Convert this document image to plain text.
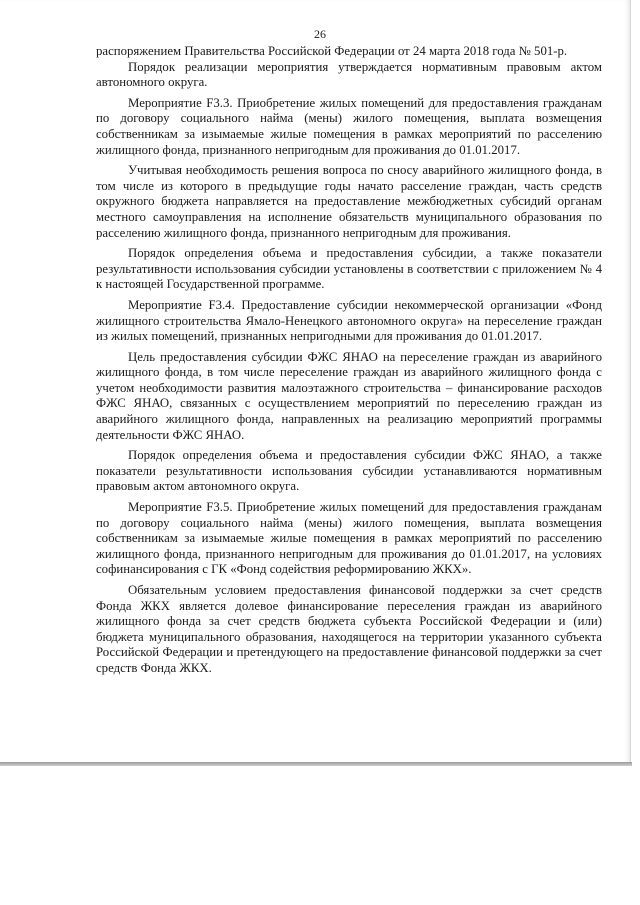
26

распоряжением Правительства Российской Федерации от 24 марта 2018 года № 501-р.

Порядок реализации мероприятия утверждается нормативным правовым актом автономного округа.

Мероприятие F3.3. Приобретение жилых помещений для предоставления гражданам по договору социального найма (мены) жилого помещения, выплата возмещения собственникам за изымаемые жилые помещения в рамках мероприятий по расселению жилищного фонда, признанного непригодным для проживания до 01.01.2017.

Учитывая необходимость решения вопроса по сносу аварийного жилищного фонда, в том числе из которого в предыдущие годы начато расселение граждан, часть средств окружного бюджета направляется на предоставление межбюджетных субсидий органам местного самоуправления на исполнение обязательств муниципального образования по расселению жилищного фонда, признанного непригодным для проживания.

Порядок определения объема и предоставления субсидии, а также показатели результативности использования субсидии установлены в соответствии с приложением № 4 к настоящей Государственной программе.

Мероприятие F3.4. Предоставление субсидии некоммерческой организации «Фонд жилищного строительства Ямало-Ненецкого автономного округа» на переселение граждан из жилых помещений, признанных непригодными для проживания до 01.01.2017.

Цель предоставления субсидии ФЖС ЯНАО на переселение граждан из аварийного жилищного фонда, в том числе переселение граждан из аварийного жилищного фонда с учетом необходимости развития малоэтажного строительства – финансирование расходов ФЖС ЯНАО, связанных с осуществлением мероприятий по переселению граждан из аварийного жилищного фонда, направленных на реализацию мероприятий программы деятельности ФЖС ЯНАО.

Порядок определения объема и предоставления субсидии ФЖС ЯНАО, а также показатели результативности использования субсидии устанавливаются нормативным правовым актом автономного округа.

Мероприятие F3.5. Приобретение жилых помещений для предоставления гражданам по договору социального найма (мены) жилого помещения, выплата возмещения собственникам за изымаемые жилые помещения в рамках мероприятий по расселению жилищного фонда, признанного непригодным для проживания до 01.01.2017, на условиях софинансирования с ГК «Фонд содействия реформированию ЖКХ».

Обязательным условием предоставления финансовой поддержки за счет средств Фонда ЖКХ является долевое финансирование переселения граждан из аварийного жилищного фонда за счет средств бюджета субъекта Российской Федерации и (или) бюджета муниципального образования, находящегося на территории указанного субъекта Российской Федерации и претендующего на предоставление финансовой поддержки за счет средств Фонда ЖКХ.
